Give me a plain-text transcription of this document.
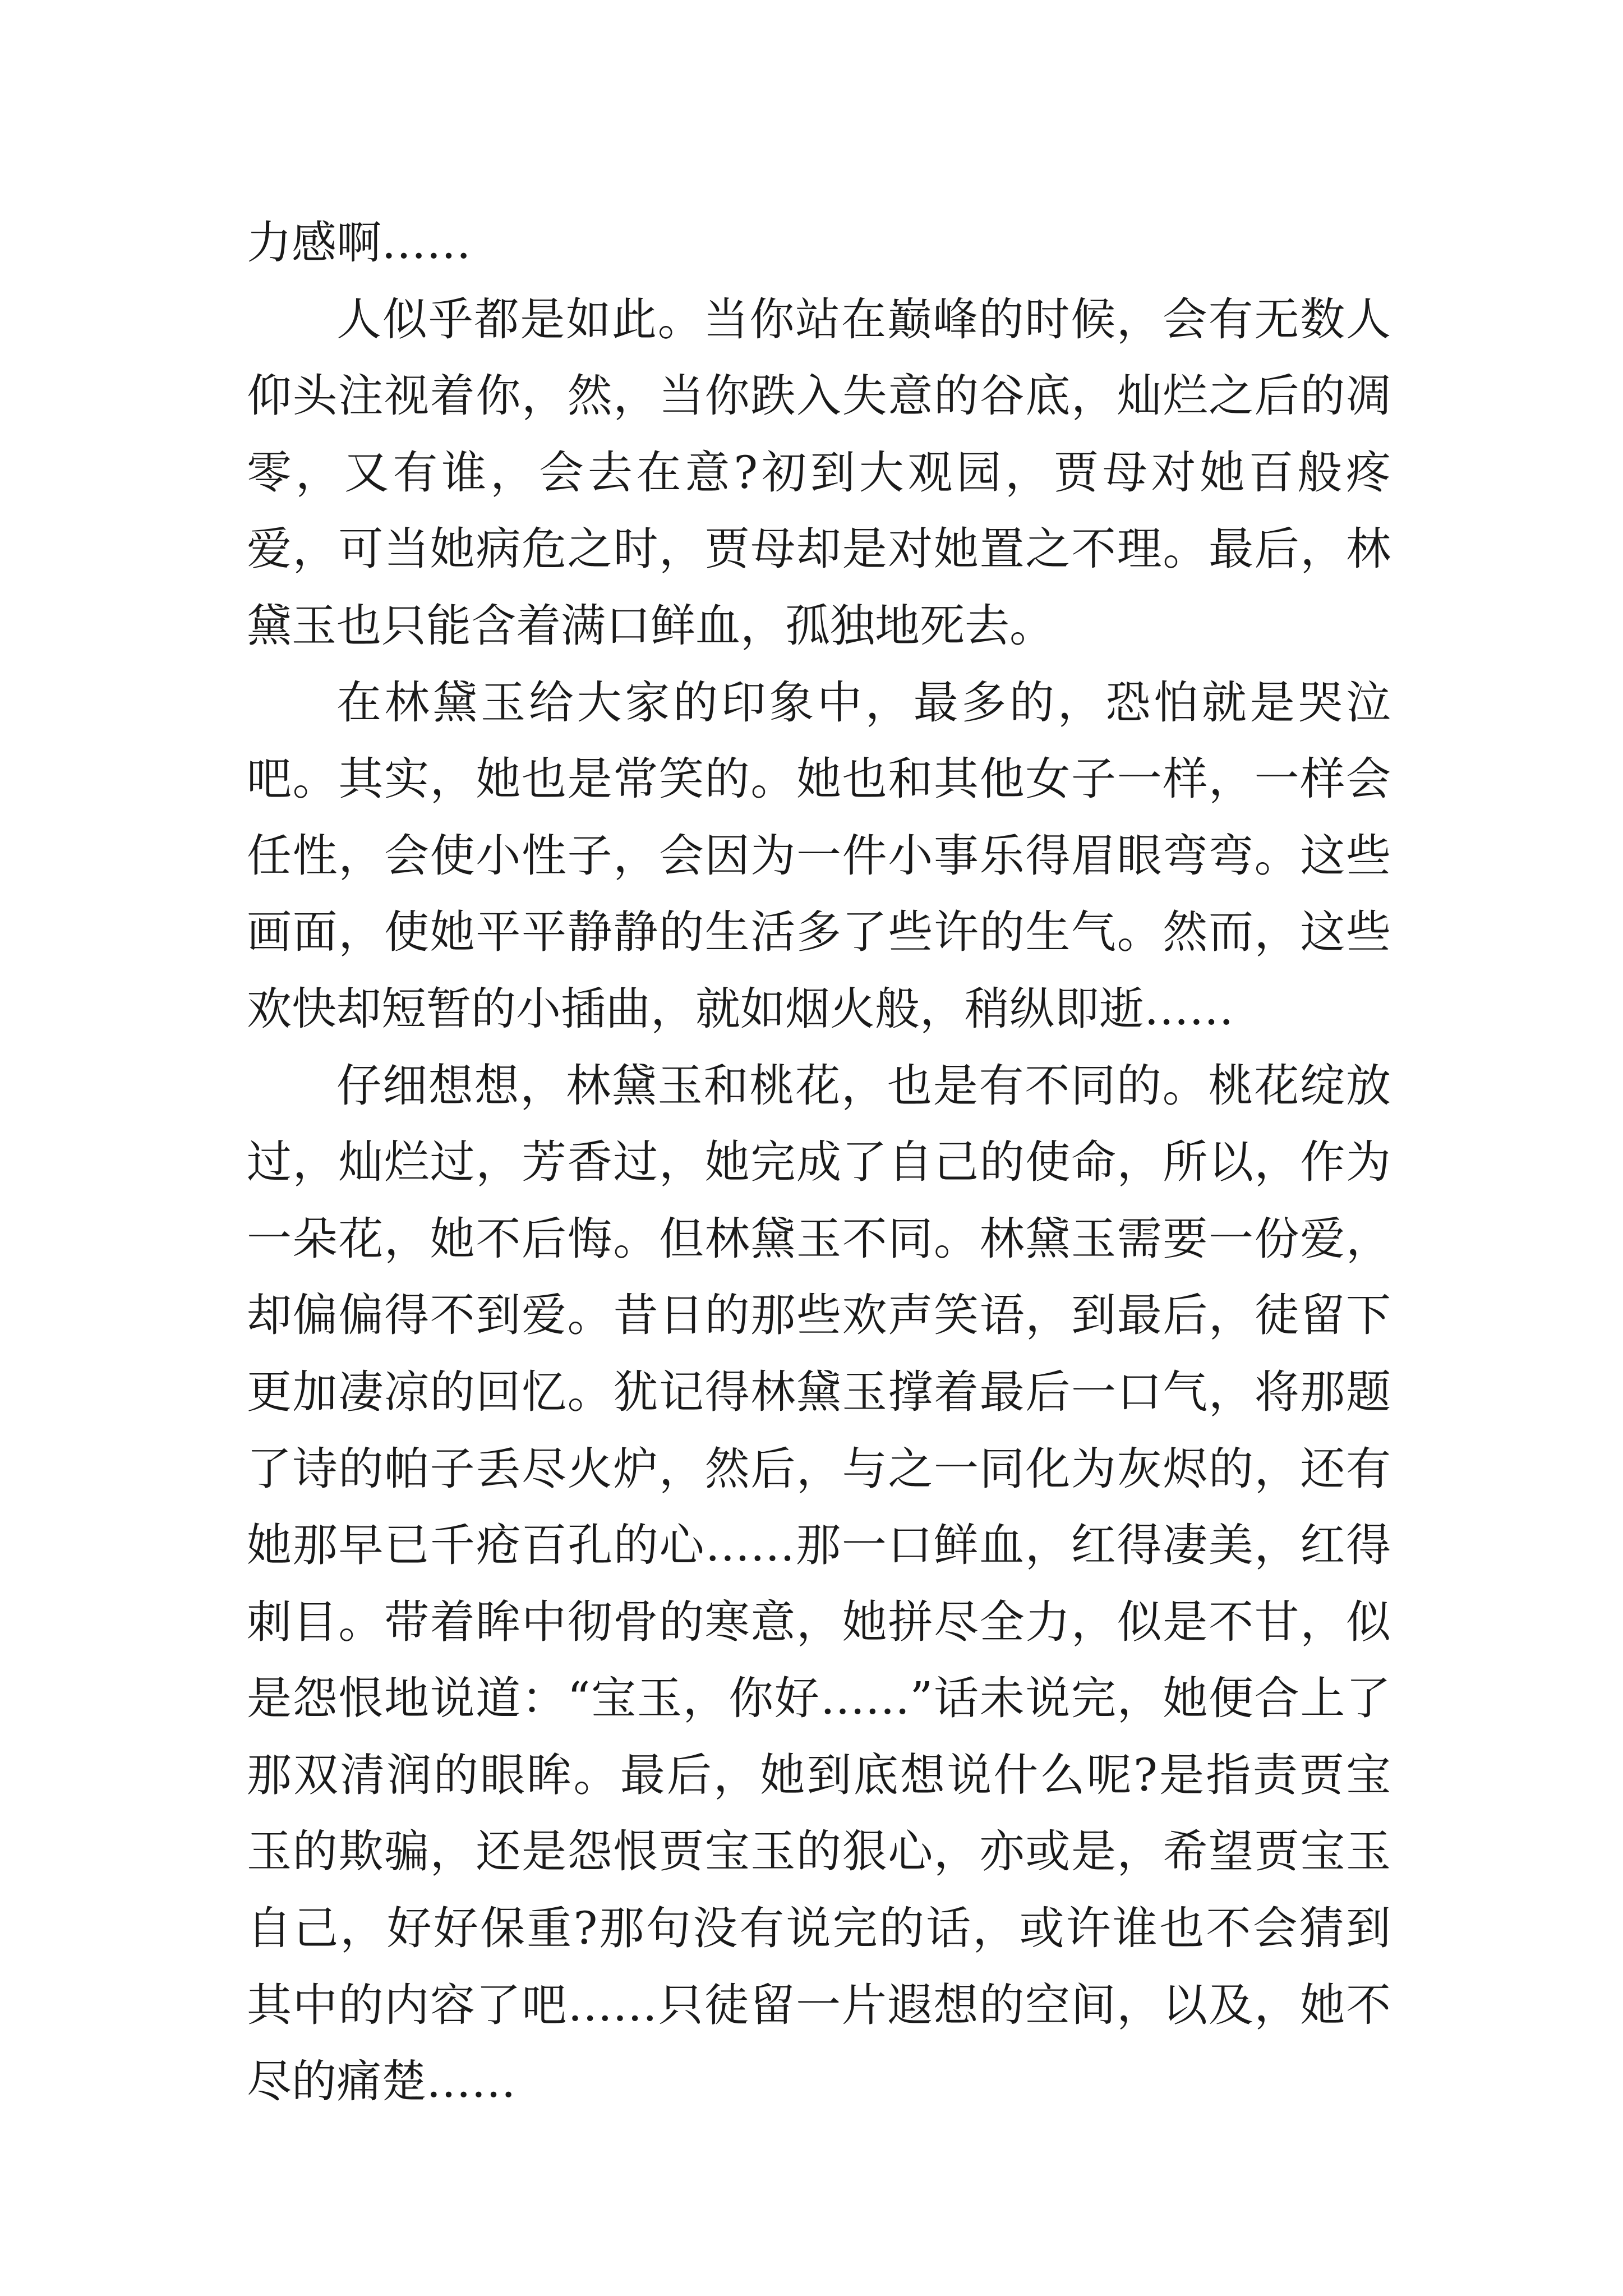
力感啊……

人似乎都是如此。当你站在巅峰的时候，会有无数人仰头注视着你，然，当你跌入失意的谷底，灿烂之后的凋零，又有谁，会去在意?初到大观园，贾母对她百般疼爱，可当她病危之时，贾母却是对她置之不理。最后，林黛玉也只能含着满口鲜血，孤独地死去。

在林黛玉给大家的印象中，最多的，恐怕就是哭泣吧。其实，她也是常笑的。她也和其他女子一样，一样会任性，会使小性子，会因为一件小事乐得眉眼弯弯。这些画面，使她平平静静的生活多了些许的生气。然而，这些欢快却短暂的小插曲，就如烟火般，稍纵即逝……

仔细想想，林黛玉和桃花，也是有不同的。桃花绽放过，灿烂过，芳香过，她完成了自己的使命，所以，作为一朵花，她不后悔。但林黛玉不同。林黛玉需要一份爱，却偏偏得不到爱。昔日的那些欢声笑语，到最后，徒留下更加凄凉的回忆。犹记得林黛玉撑着最后一口气，将那题了诗的帕子丢尽火炉，然后，与之一同化为灰烬的，还有她那早已千疮百孔的心……那一口鲜血，红得凄美，红得刺目。带着眸中彻骨的寒意，她拼尽全力，似是不甘，似是怨恨地说道：“宝玉，你好……”话未说完，她便合上了那双清润的眼眸。最后，她到底想说什么呢?是指责贾宝玉的欺骗，还是怨恨贾宝玉的狠心，亦或是，希望贾宝玉自己，好好保重?那句没有说完的话，或许谁也不会猜到其中的内容了吧……只徒留一片遐想的空间，以及，她不尽的痛楚……
